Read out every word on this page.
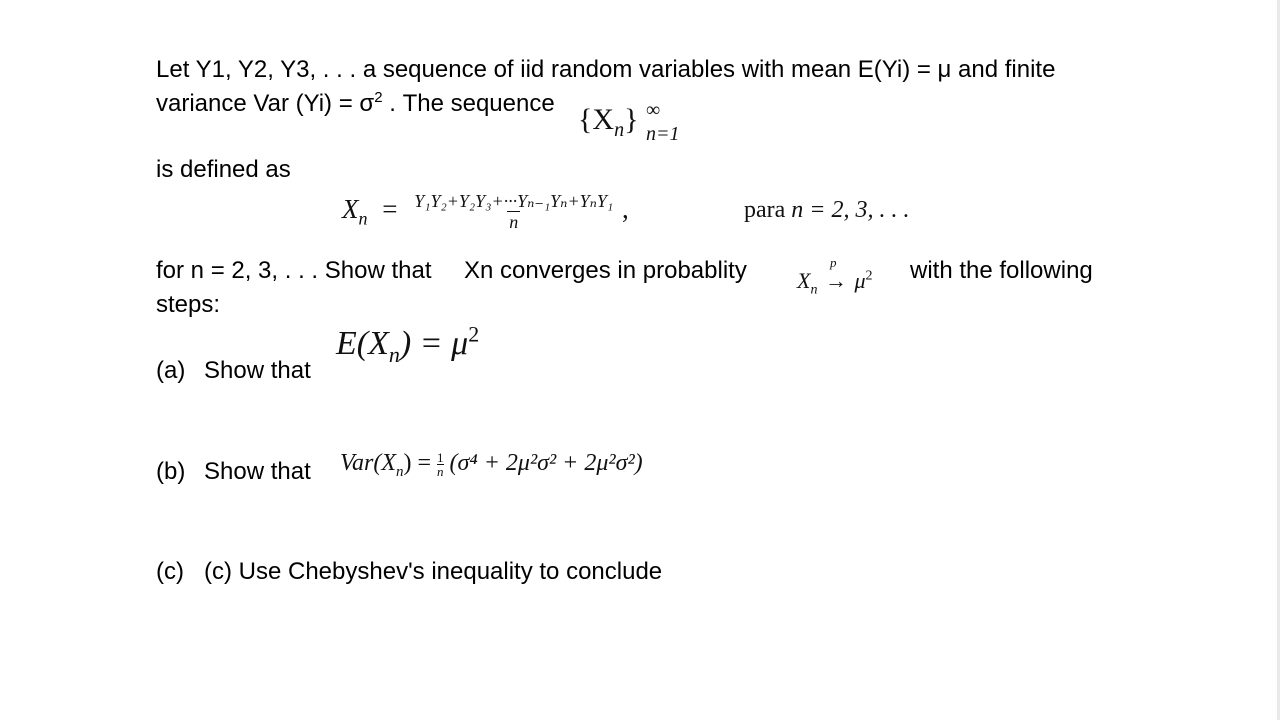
Let Y1, Y2, Y3, . . . a sequence of iid random variables with mean E(Yi) = μ and finite
variance Var $(Yi) = \sigma^2$ . The sequence $\{X_n\}$ ∞
n=1
is defined as
$X_n = \frac{\text{Y₁Y₂+Y₂Y₃+···Yₙ₋₁Yₙ+YₙY₁}}{n}$ ,	para n = 2, 3, . . .
for n = 2, 3, . . . Show that Xn converges in probablity $X_n$
p
→ $\mu^2$ with the following
steps:
$E(X_n) = \mu^2$
(a) Show that
(b) Show that $Var(X_n) = \frac{1}{n} (\sigma^4 + 2\mu^2\sigma^2 + 2\mu^2\sigma^2)$
(c) (c) Use Chebyshev's inequality to conclude
